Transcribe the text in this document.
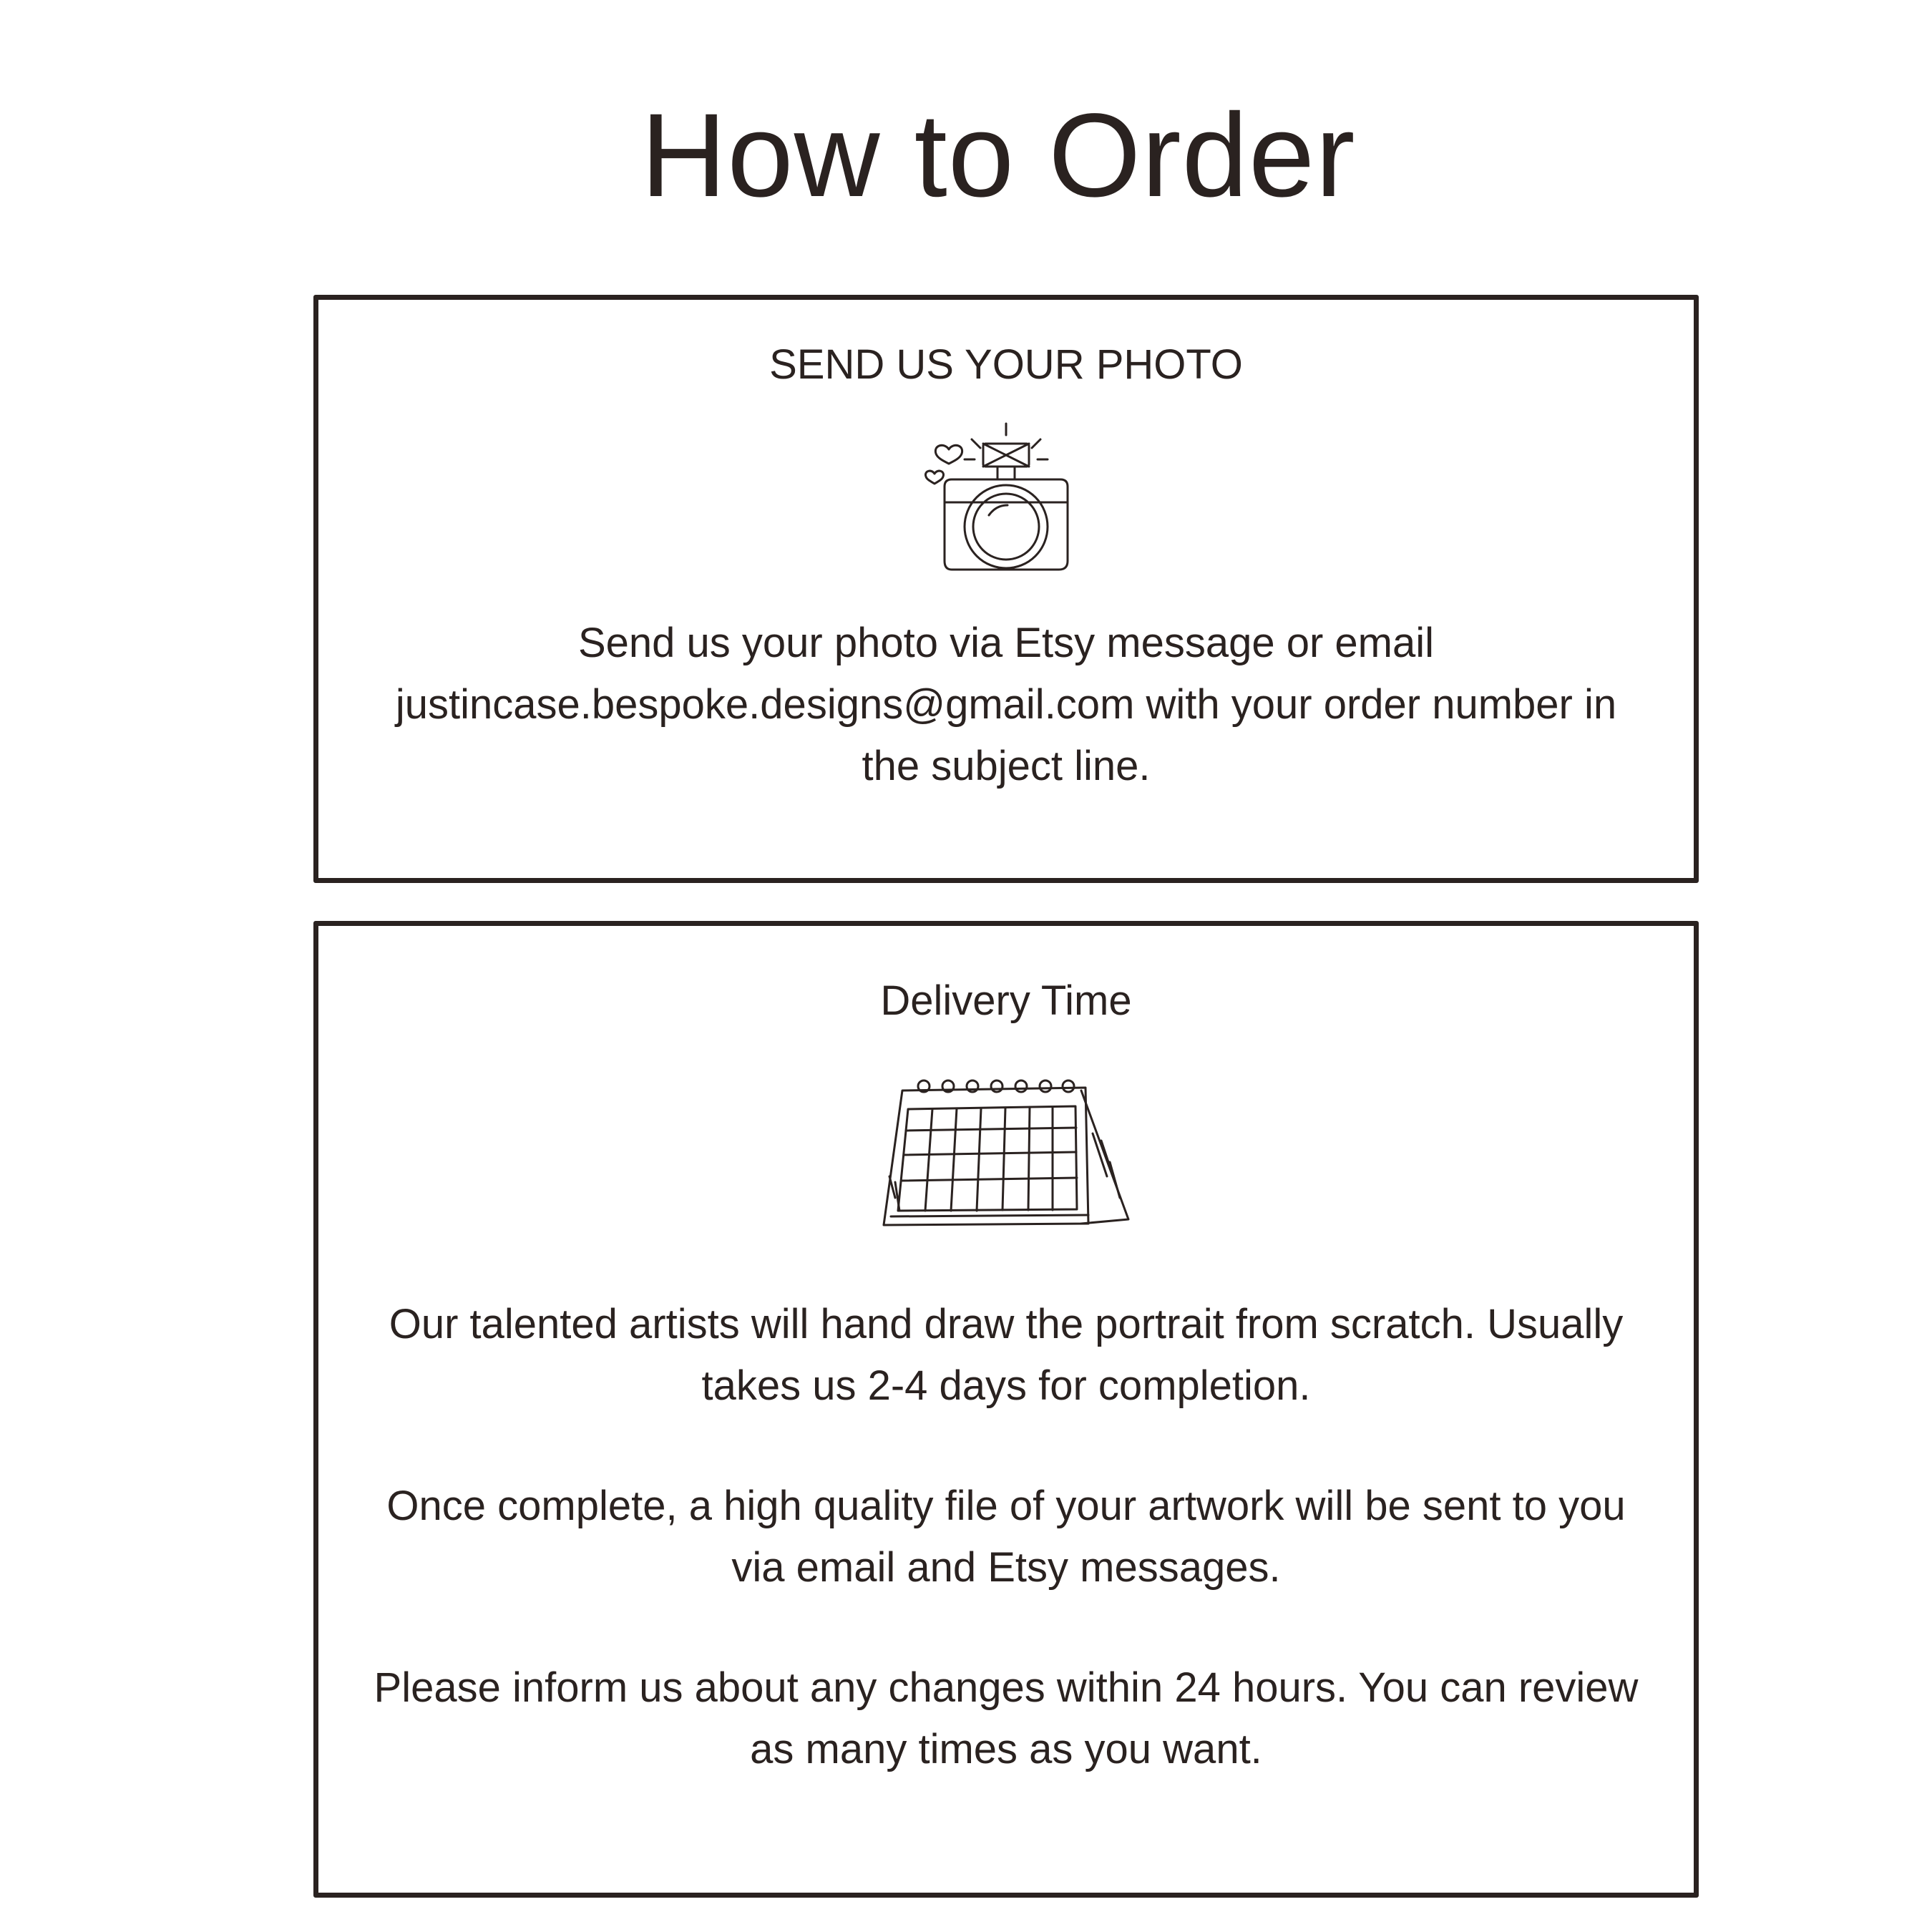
How to Order
SEND US YOUR PHOTO

Send us your photo via Etsy message or email justincase.bespoke.designs@gmail.com with your order number in the subject line.

Delivery Time
Our talented artists will hand draw the portrait from scratch. Usually takes us 2-4 days for completion.
Once complete, a high quality file of your artwork will be sent to you via email and Etsy messages.
Please inform us about any changes within 24 hours. You can review as many times as you want.
